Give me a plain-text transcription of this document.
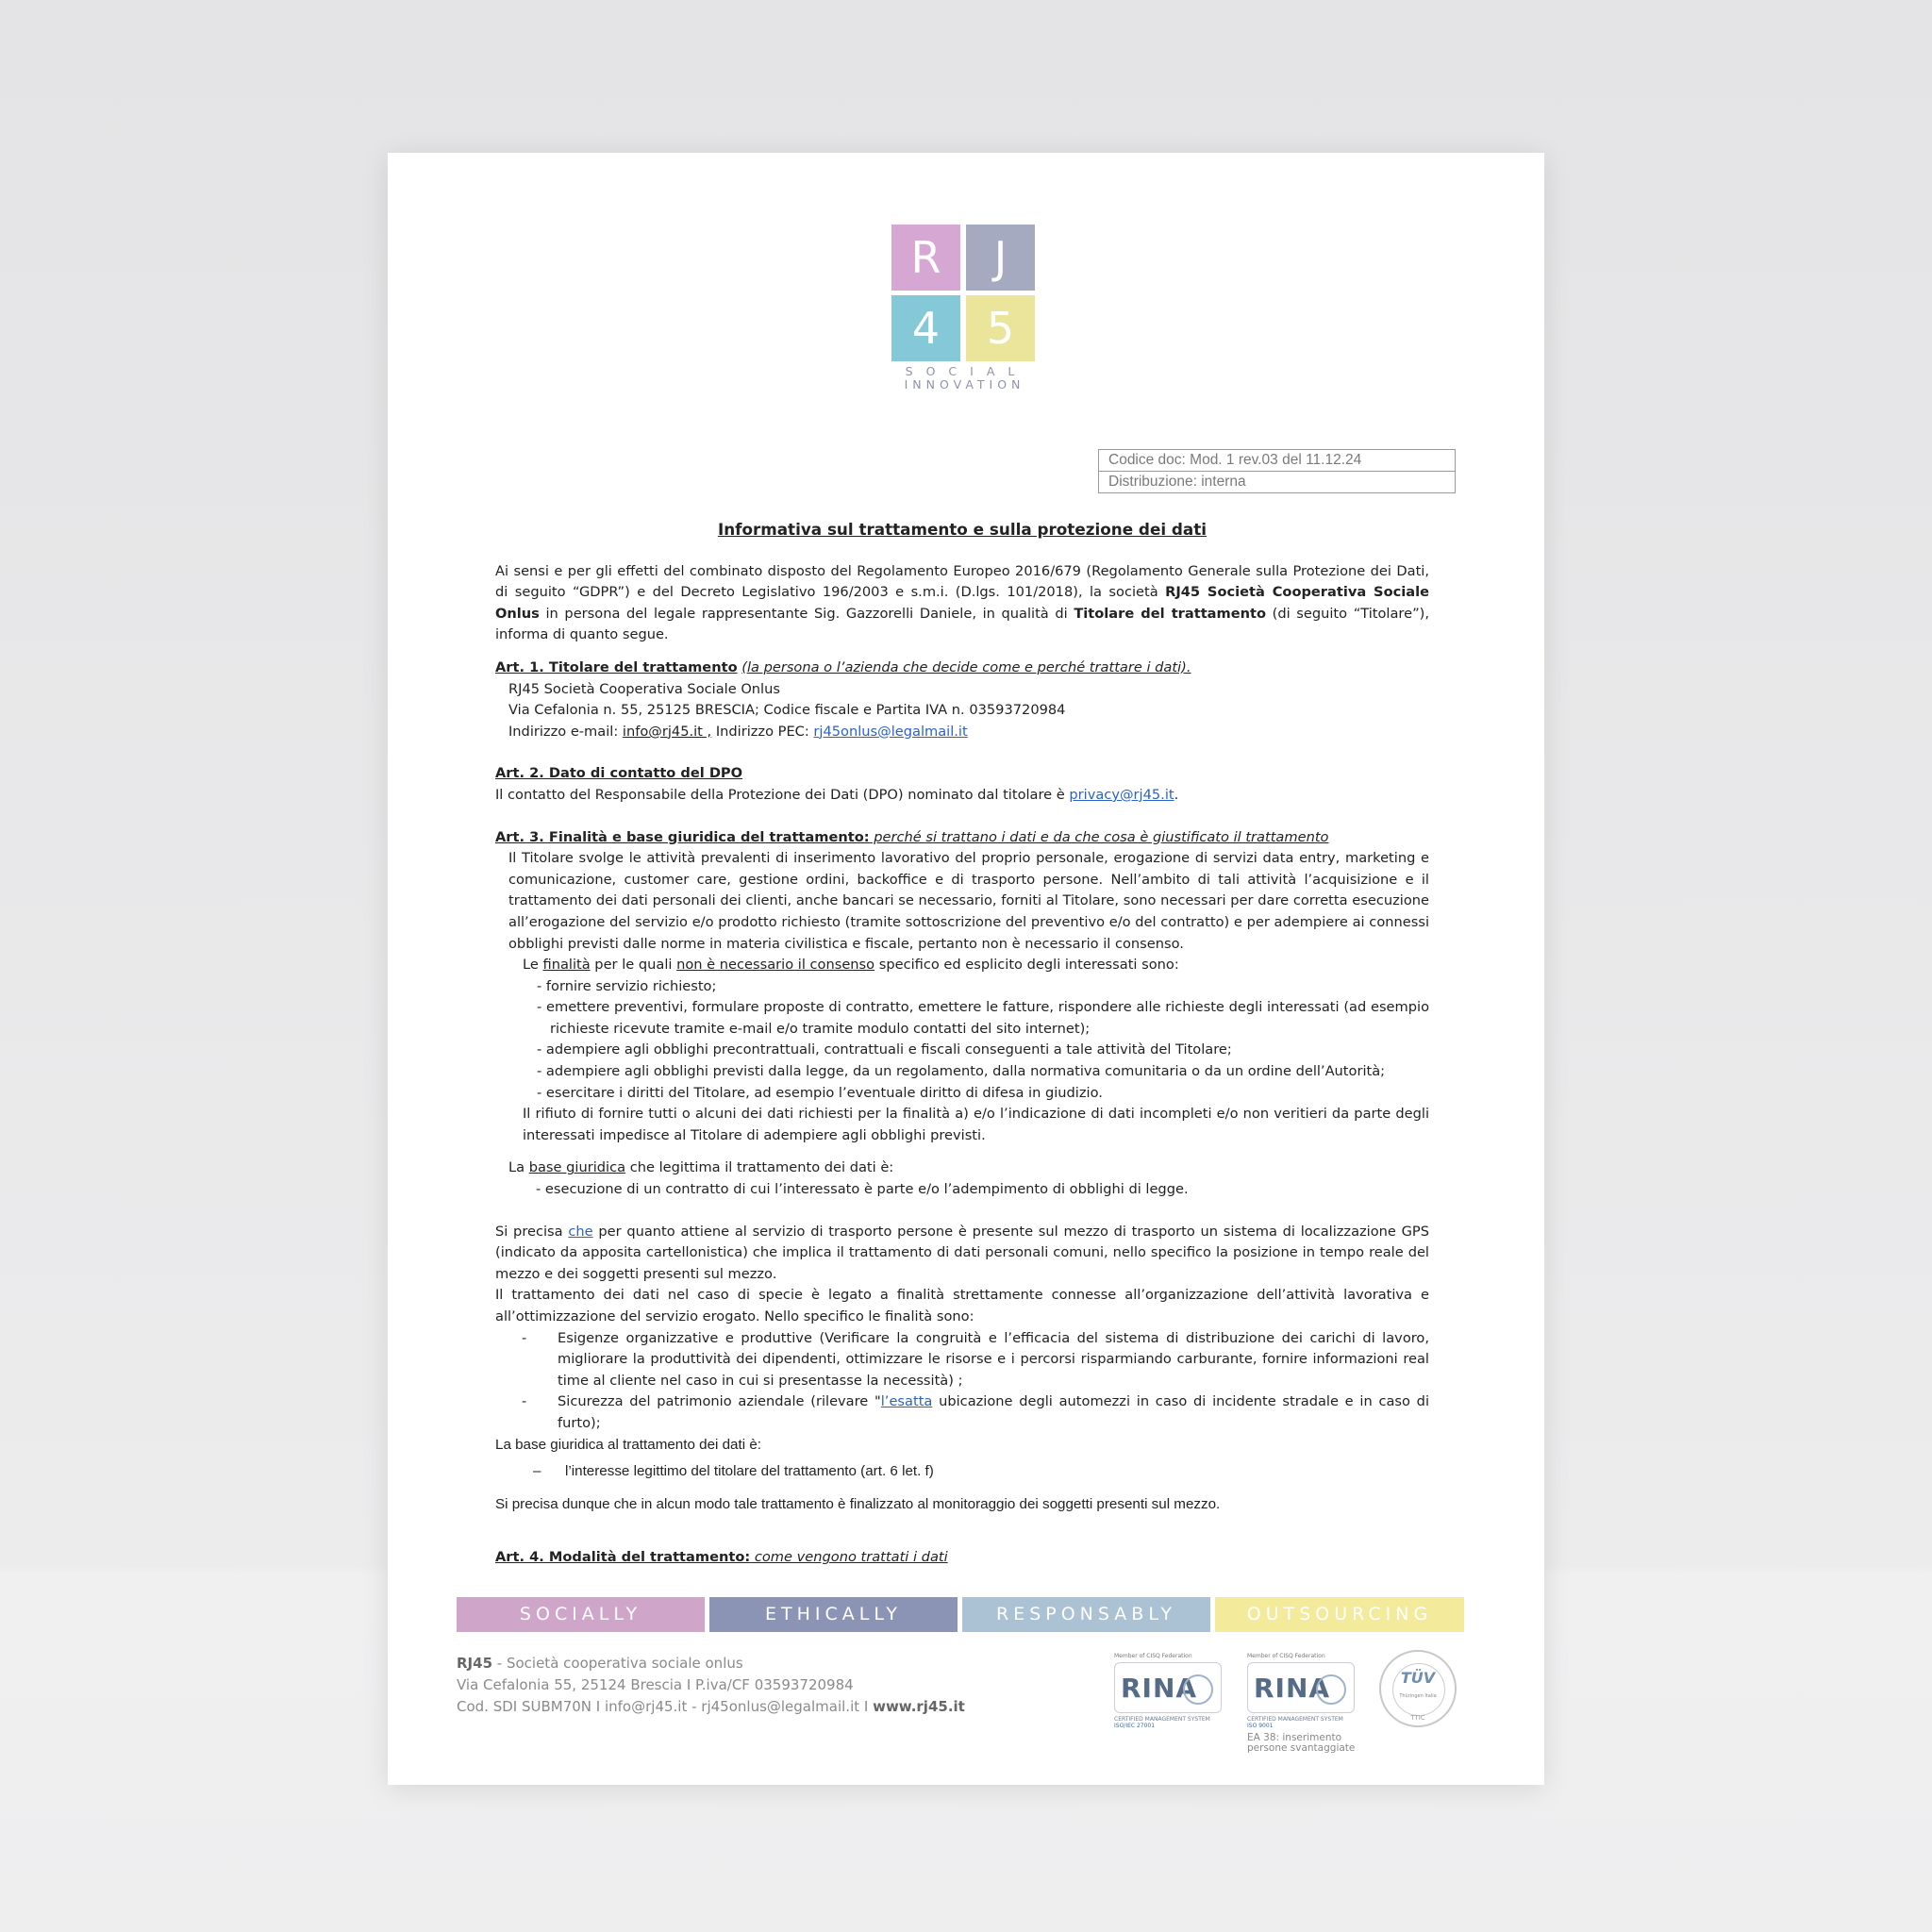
R	J
4	5
SOCIAL
INNOVATION
Codice doc: Mod. 1 rev.03 del 11.12.24
Distribuzione: interna

Informativa sul trattamento e sulla protezione dei dati

Ai sensi e per gli effetti del combinato disposto del Regolamento Europeo 2016/679 (Regolamento Generale sulla Protezione dei Dati, di seguito “GDPR”) e del Decreto Legislativo 196/2003 e s.m.i. (D.lgs. 101/2018), la società RJ45 Società Cooperativa Sociale Onlus in persona del legale rappresentante Sig. Gazzorelli Daniele, in qualità di Titolare del trattamento (di seguito “Titolare”), informa di quanto segue.

Art. 1. Titolare del trattamento (la persona o l’azienda che decide come e perché trattare i dati).

RJ45 Società Cooperativa Sociale Onlus

Via Cefalonia n. 55, 25125 BRESCIA; Codice fiscale e Partita IVA n. 03593720984

Indirizzo e-mail: info@rj45.it , Indirizzo PEC: rj45onlus@legalmail.it

Art. 2. Dato di contatto del DPO

Il contatto del Responsabile della Protezione dei Dati (DPO) nominato dal titolare è privacy@rj45.it.

Art. 3. Finalità e base giuridica del trattamento: perché si trattano i dati e da che cosa è giustificato il trattamento

Il Titolare svolge le attività prevalenti di inserimento lavorativo del proprio personale, erogazione di servizi data entry, marketing e comunicazione, customer care, gestione ordini, backoffice e di trasporto persone. Nell’ambito di tali attività l’acquisizione e il trattamento dei dati personali dei clienti, anche bancari se necessario, forniti al Titolare, sono necessari per dare corretta esecuzione all’erogazione del servizio e/o prodotto richiesto (tramite sottoscrizione del preventivo e/o del contratto) e per adempiere ai connessi obblighi previsti dalle norme in materia civilistica e fiscale, pertanto non è necessario il consenso.

Le finalità per le quali non è necessario il consenso specifico ed esplicito degli interessati sono:

- fornire servizio richiesto;

- emettere preventivi, formulare proposte di contratto, emettere le fatture, rispondere alle richieste degli interessati (ad esempio richieste ricevute tramite e-mail e/o tramite modulo contatti del sito internet);

- adempiere agli obblighi precontrattuali, contrattuali e fiscali conseguenti a tale attività del Titolare;

- adempiere agli obblighi previsti dalla legge, da un regolamento, dalla normativa comunitaria o da un ordine dell’Autorità;

- esercitare i diritti del Titolare, ad esempio l’eventuale diritto di difesa in giudizio.

Il rifiuto di fornire tutti o alcuni dei dati richiesti per la finalità a) e/o l’indicazione di dati incompleti e/o non veritieri da parte degli interessati impedisce al Titolare di adempiere agli obblighi previsti.

La base giuridica che legittima il trattamento dei dati è:

- esecuzione di un contratto di cui l’interessato è parte e/o l’adempimento di obblighi di legge.

Si precisa che per quanto attiene al servizio di trasporto persone è presente sul mezzo di trasporto un sistema di localizzazione GPS (indicato da apposita cartellonistica) che implica il trattamento di dati personali comuni, nello specifico la posizione in tempo reale del mezzo e dei soggetti presenti sul mezzo.

Il trattamento dei dati nel caso di specie è legato a finalità strettamente connesse all’organizzazione dell’attività lavorativa e all’ottimizzazione del servizio erogato. Nello specifico le finalità sono:

-	Esigenze organizzative e produttive (Verificare la congruità e l’efficacia del sistema di distribuzione dei carichi di lavoro, migliorare la produttività dei dipendenti, ottimizzare le risorse e i percorsi risparmiando carburante, fornire informazioni real time al cliente nel caso in cui si presentasse la necessità) ;
-	Sicurezza del patrimonio aziendale (rilevare "l’esatta ubicazione degli automezzi in caso di incidente stradale e in caso di furto);

La base giuridica al trattamento dei dati è:

–	l’interesse legittimo del titolare del trattamento (art. 6 let. f)

Si precisa dunque che in alcun modo tale trattamento è finalizzato al monitoraggio dei soggetti presenti sul mezzo.

Art. 4. Modalità del trattamento: come vengono trattati i dati

SOCIALLY	ETHICALLY	RESPONSABLY	OUTSOURCING
RJ45 - Società cooperativa sociale onlus
Via Cefalonia 55, 25124 Brescia I P.iva/CF 03593720984
Cod. SDI SUBM70N I info@rj45.it - rj45onlus@legalmail.it I www.rj45.it
Member of CISQ Federation
RINA
CERTIFIED MANAGEMENT SYSTEM
ISO/IEC 27001
Member of CISQ Federation
RINA
CERTIFIED MANAGEMENT SYSTEM
ISO 9001
EA 38: inserimento persone svantaggiate
TÜV
Thüringen Italia
TTIC
